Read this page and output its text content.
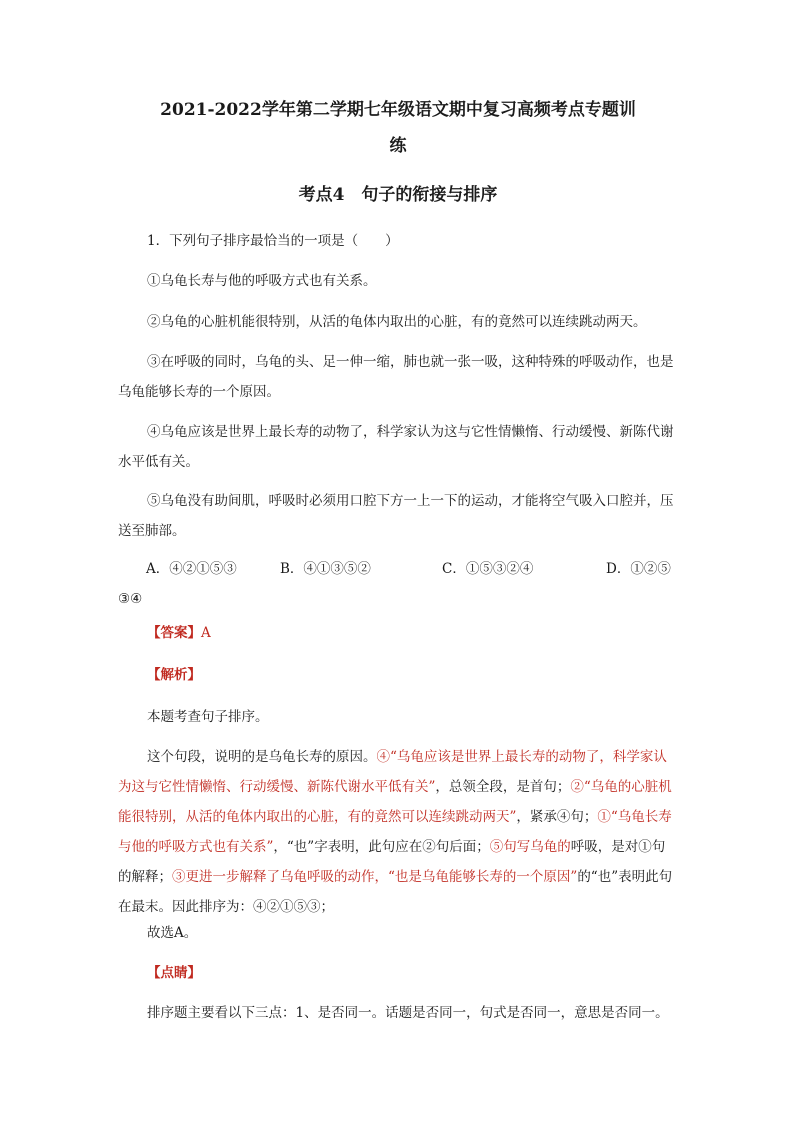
2021-2022学年第二学期七年级语文期中复习高频考点专题训
练
考点4　句子的衔接与排序

1．下列句子排序最恰当的一项是（　　）

①乌龟长寿与他的呼吸方式也有关系。

②乌龟的心脏机能很特别，从活的龟体内取出的心脏，有的竟然可以连续跳动两天。

③在呼吸的同时，乌龟的头、足一伸一缩，肺也就一张一吸，这种特殊的呼吸动作，也是乌龟能够长寿的一个原因。

④乌龟应该是世界上最长寿的动物了，科学家认为这与它性情懒惰、行动缓慢、新陈代谢水平低有关。

⑤乌龟没有助间肌，呼吸时必须用口腔下方一上一下的运动，才能将空气吸入口腔并，压送至肺部。

A．④②①⑤③	B．④①③⑤②	C．①⑤③②④	D．①②⑤
③④

【答案】A

【解析】

本题考查句子排序。

这个句段，说明的是乌龟长寿的原因。④“乌龟应该是世界上最长寿的动物了，科学家认为这与它性情懒惰、行动缓慢、新陈代谢水平低有关”，总领全段，是首句；②“乌龟的心脏机能很特别，从活的龟体内取出的心脏，有的竟然可以连续跳动两天”，紧承④句；①“乌龟长寿与他的呼吸方式也有关系”，“也”字表明，此句应在②句后面；⑤句写乌龟的呼吸，是对①句的解释；③更进一步解释了乌龟呼吸的动作，“也是乌龟能够长寿的一个原因”的“也”表明此句在最末。因此排序为：④②①⑤③；

故选A。

【点睛】

排序题主要看以下三点：1、是否同一。话题是否同一，句式是否同一，意思是否同一。
